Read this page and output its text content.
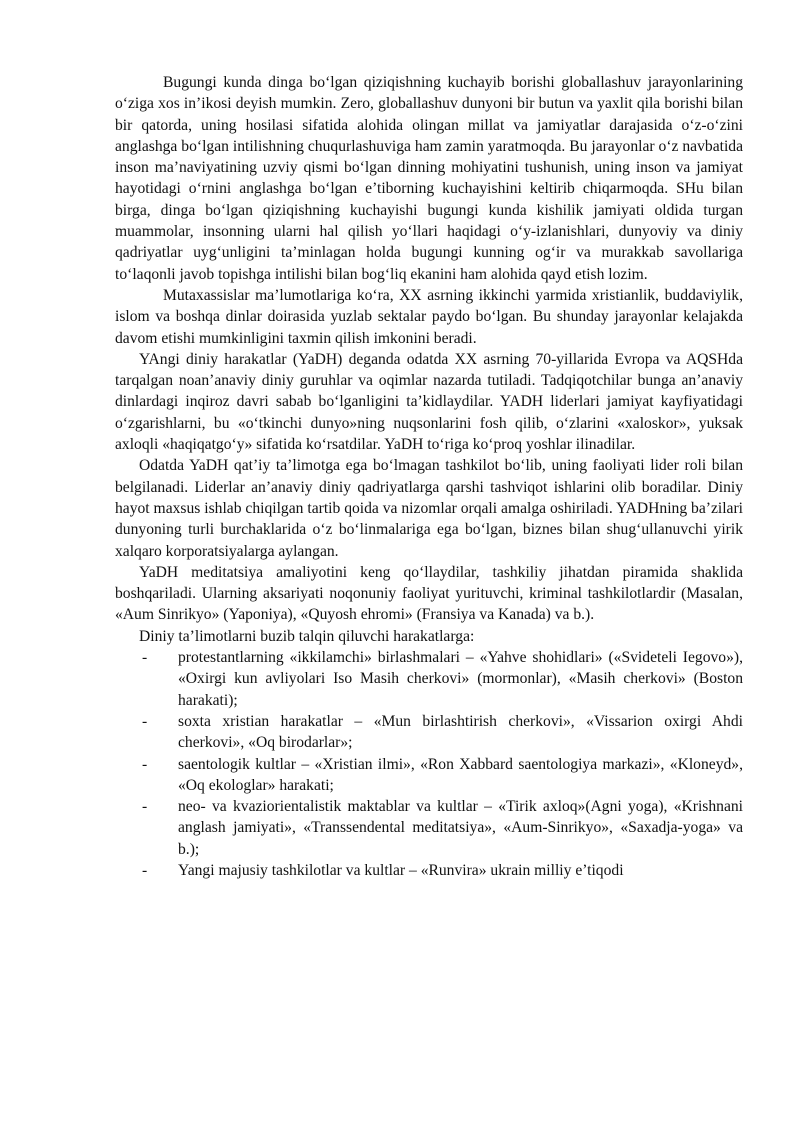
Bugungi kunda dinga bo‘lgan qiziqishning kuchayib borishi globallashuv jarayonlarining o‘ziga xos in’ikosi deyish mumkin. Zero, globallashuv dunyoni bir butun va yaxlit qila borishi bilan bir qatorda, uning hosilasi sifatida alohida olingan millat va jamiyatlar darajasida o‘z-o‘zini anglashga bo‘lgan intilishning chuqurlashuviga ham zamin yaratmoqda. Bu jarayonlar o‘z navbatida inson ma’naviyatining uzviy qismi bo‘lgan dinning mohiyatini tushunish, uning inson va jamiyat hayotidagi o‘rnini anglashga bo‘lgan e’tiborning kuchayishini keltirib chiqarmoqda. SHu bilan birga, dinga bo‘lgan qiziqishning kuchayishi bugungi kunda kishilik jamiyati oldida turgan muammolar, insonning ularni hal qilish yo‘llari haqidagi o‘y-izlanishlari, dunyoviy va diniy qadriyatlar uyg‘unligini ta’minlagan holda bugungi kunning og‘ir va murakkab savollariga to‘laqonli javob topishga intilishi bilan bog‘liq ekanini ham alohida qayd etish lozim.

Mutaxassislar ma’lumotlariga ko‘ra, XX asrning ikkinchi yarmida xristianlik, buddaviylik, islom va boshqa dinlar doirasida yuzlab sektalar paydo bo‘lgan. Bu shunday jarayonlar kelajakda davom etishi mumkinligini taxmin qilish imkonini beradi.

YAngi diniy harakatlar (YaDH) deganda odatda XX asrning 70-yillarida Evropa va AQSHda tarqalgan noan’anaviy diniy guruhlar va oqimlar nazarda tutiladi. Tadqiqotchilar bunga an’anaviy dinlardagi inqiroz davri sabab bo‘lganligini ta’kidlaydilar. YADH liderlari jamiyat kayfiyatidagi o‘zgarishlarni, bu «o‘tkinchi dunyo»ning nuqsonlarini fosh qilib, o‘zlarini «xaloskor», yuksak axloqli «haqiqatgo‘y» sifatida ko‘rsatdilar. YaDH to‘riga ko‘proq yoshlar ilinadilar.

Odatda YaDH qat’iy ta’limotga ega bo‘lmagan tashkilot bo‘lib, uning faoliyati lider roli bilan belgilanadi. Liderlar an’anaviy diniy qadriyatlarga qarshi tashviqot ishlarini olib boradilar. Diniy hayot maxsus ishlab chiqilgan tartib qoida va nizomlar orqali amalga oshiriladi. YADHning ba’zilari dunyoning turli burchaklarida o‘z bo‘linmalariga ega bo‘lgan, biznes bilan shug‘ullanuvchi yirik xalqaro korporatsiyalarga aylangan.

YaDH meditatsiya amaliyotini keng qo‘llaydilar, tashkiliy jihatdan piramida shaklida boshqariladi. Ularning aksariyati noqonuniy faoliyat yurituvchi, kriminal tashkilotlardir (Masalan, «Aum Sinrikyo» (Yaponiya), «Quyosh ehromi» (Fransiya va Kanada) va b.).

Diniy ta’limotlarni buzib talqin qiluvchi harakatlarga:

- protestantlarning «ikkilamchi» birlashmalari – «Yahve shohidlari» («Svideteli Iegovo»), «Oxirgi kun avliyolari Iso Masih cherkovi» (mormonlar), «Masih cherkovi» (Boston harakati);
- soxta xristian harakatlar – «Mun birlashtirish cherkovi», «Vissarion oxirgi Ahdi cherkovi», «Oq birodarlar»;
- saentologik kultlar – «Xristian ilmi», «Ron Xabbard saentologiya markazi», «Kloneyd», «Oq ekologlar» harakati;
- neo- va kvaziorientalistik maktablar va kultlar – «Tirik axloq»(Agni yoga), «Krishnani anglash jamiyati», «Transsendental meditatsiya», «Aum-Sinrikyo», «Saxadja-yoga» va b.);
- Yangi majusiy tashkilotlar va kultlar – «Runvira» ukrain milliy e’tiqodi
